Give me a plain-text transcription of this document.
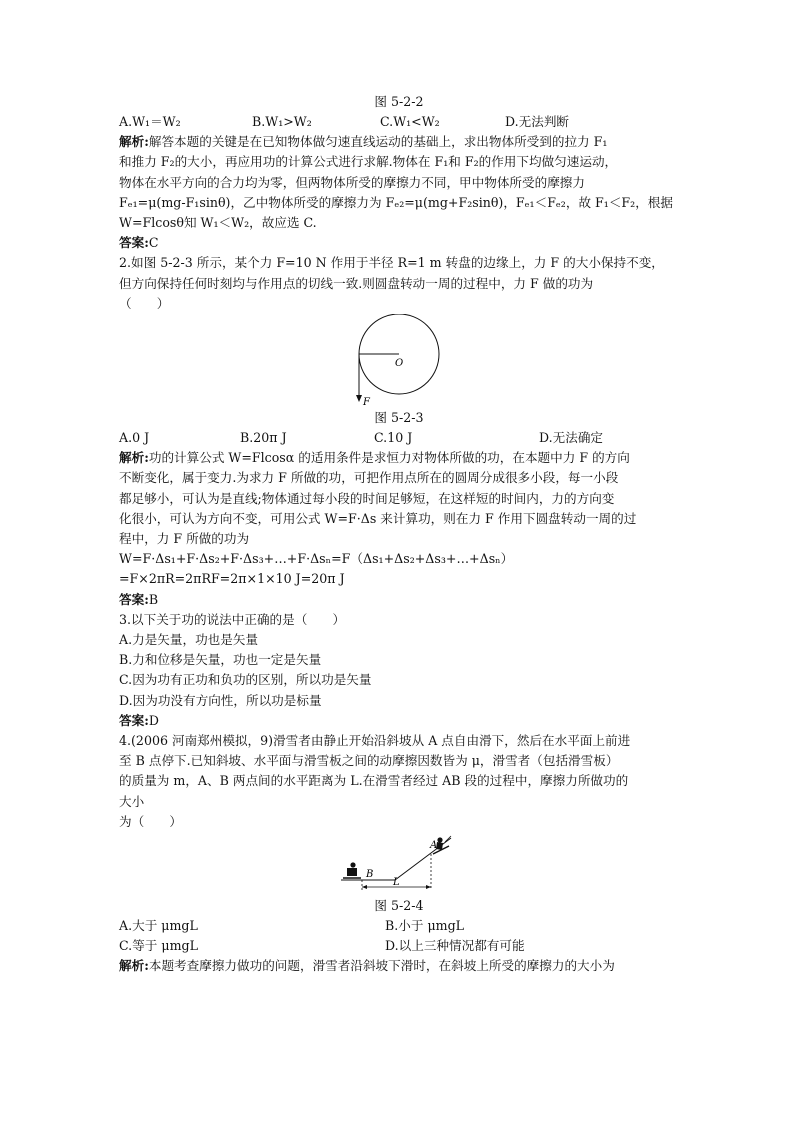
图 5-2-2
A.W₁＝W₂	B.W₁>W₂	C.W₁<W₂	D.无法判断
解析:解答本题的关键是在已知物体做匀速直线运动的基础上，求出物体所受到的拉力 F₁
和推力 F₂的大小，再应用功的计算公式进行求解.物体在 F₁和 F₂的作用下均做匀速运动，
物体在水平方向的合力均为零，但两物体所受的摩擦力不同，甲中物体所受的摩擦力
Fₑ₁=μ(mg-F₁sinθ)，乙中物体所受的摩擦力为 Fₑ₂=μ(mg+F₂sinθ)，Fₑ₁＜Fₑ₂，故 F₁＜F₂，根据
W=Flcosθ知 W₁＜W₂，故应选 C.
答案:C
2.如图 5-2-3 所示，某个力 F=10 N 作用于半径 R=1 m 转盘的边缘上，力 F 的大小保持不变，
但方向保持任何时刻均与作用点的切线一致.则圆盘转动一周的过程中，力 F 做的功为
（　　）
O
F
图 5-2-3
A.0 J	B.20π J	C.10 J	D.无法确定
解析:功的计算公式 W=Flcosα 的适用条件是求恒力对物体所做的功，在本题中力 F 的方向
不断变化，属于变力.为求力 F 所做的功，可把作用点所在的圆周分成很多小段，每一小段
都足够小，可认为是直线;物体通过每小段的时间足够短，在这样短的时间内，力的方向变
化很小，可认为方向不变，可用公式 W=F·Δs 来计算功，则在力 F 作用下圆盘转动一周的过
程中，力 F 所做的功为
W=F·Δs₁+F·Δs₂+F·Δs₃+…+F·Δsₙ=F（Δs₁+Δs₂+Δs₃+…+Δsₙ）
=F×2πR=2πRF=2π×1×10 J=20π J
答案:B
3.以下关于功的说法中正确的是（　　）
A.力是矢量，功也是矢量
B.力和位移是矢量，功也一定是矢量
C.因为功有正功和负功的区别，所以功是矢量
D.因为功没有方向性，所以功是标量
答案:D
4.(2006 河南郑州模拟，9)滑雪者由静止开始沿斜坡从 A 点自由滑下，然后在水平面上前进
至 B 点停下.已知斜坡、水平面与滑雪板之间的动摩擦因数皆为 μ，滑雪者（包括滑雪板）
的质量为 m，A、B 两点间的水平距离为 L.在滑雪者经过 AB 段的过程中，摩擦力所做功的
大小
为（　　）
B
A
L
图 5-2-4
A.大于 μmgL	B.小于 μmgL
C.等于 μmgL	D.以上三种情况都有可能
解析:本题考查摩擦力做功的问题，滑雪者沿斜坡下滑时，在斜坡上所受的摩擦力的大小为
